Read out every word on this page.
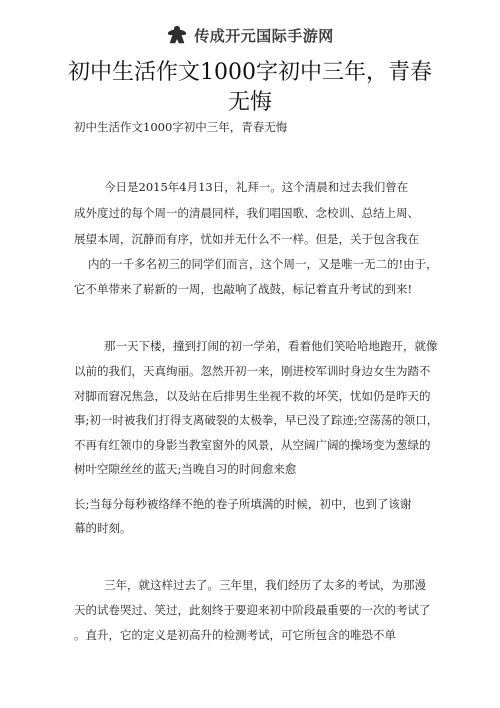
传成开元国际手游网
初中生活作文1000字初中三年，青春
无悔
初中生活作文1000字初中三年，青春无悔
今日是2015年4月13日，礼拜一。这个清晨和过去我们曾在
成外度过的每个周一的清晨同样，我们唱国歌、念校训、总结上周、
展望本周，沉静而有序，忧如并无什么不一样。但是，关于包含我在
内的一千多名初三的同学们而言，这个周一，又是唯一无二的!由于，
它不单带来了崭新的一周，也敲响了战鼓，标记着直升考试的到来!
那一天下楼，撞到打闹的初一学弟，看着他们笑哈哈地跑开，就像
以前的我们，天真绚丽。忽然开初一来，刚进校军训时身边女生为踏不
对脚而窘况焦急，以及站在后排男生坐视不救的坏笑，忧如仍是昨天的
事;初一时被我们打得支离破裂的太极拳，早已没了踪迹;空荡荡的领口，
不再有红领巾的身影当教室窗外的风景，从空阔广阔的操场变为葱绿的
树叶空隙丝丝的蓝天;当晚自习的时间愈来愈
长;当每分每秒被络绎不绝的卷子所填满的时候，初中，也到了该谢
幕的时刻。
三年，就这样过去了。三年里，我们经历了太多的考试，为那漫
天的试卷哭过、笑过，此刻终于要迎来初中阶段最重要的一次的考试了
。直升，它的定义是初高升的检测考试，可它所包含的唯恐不单
